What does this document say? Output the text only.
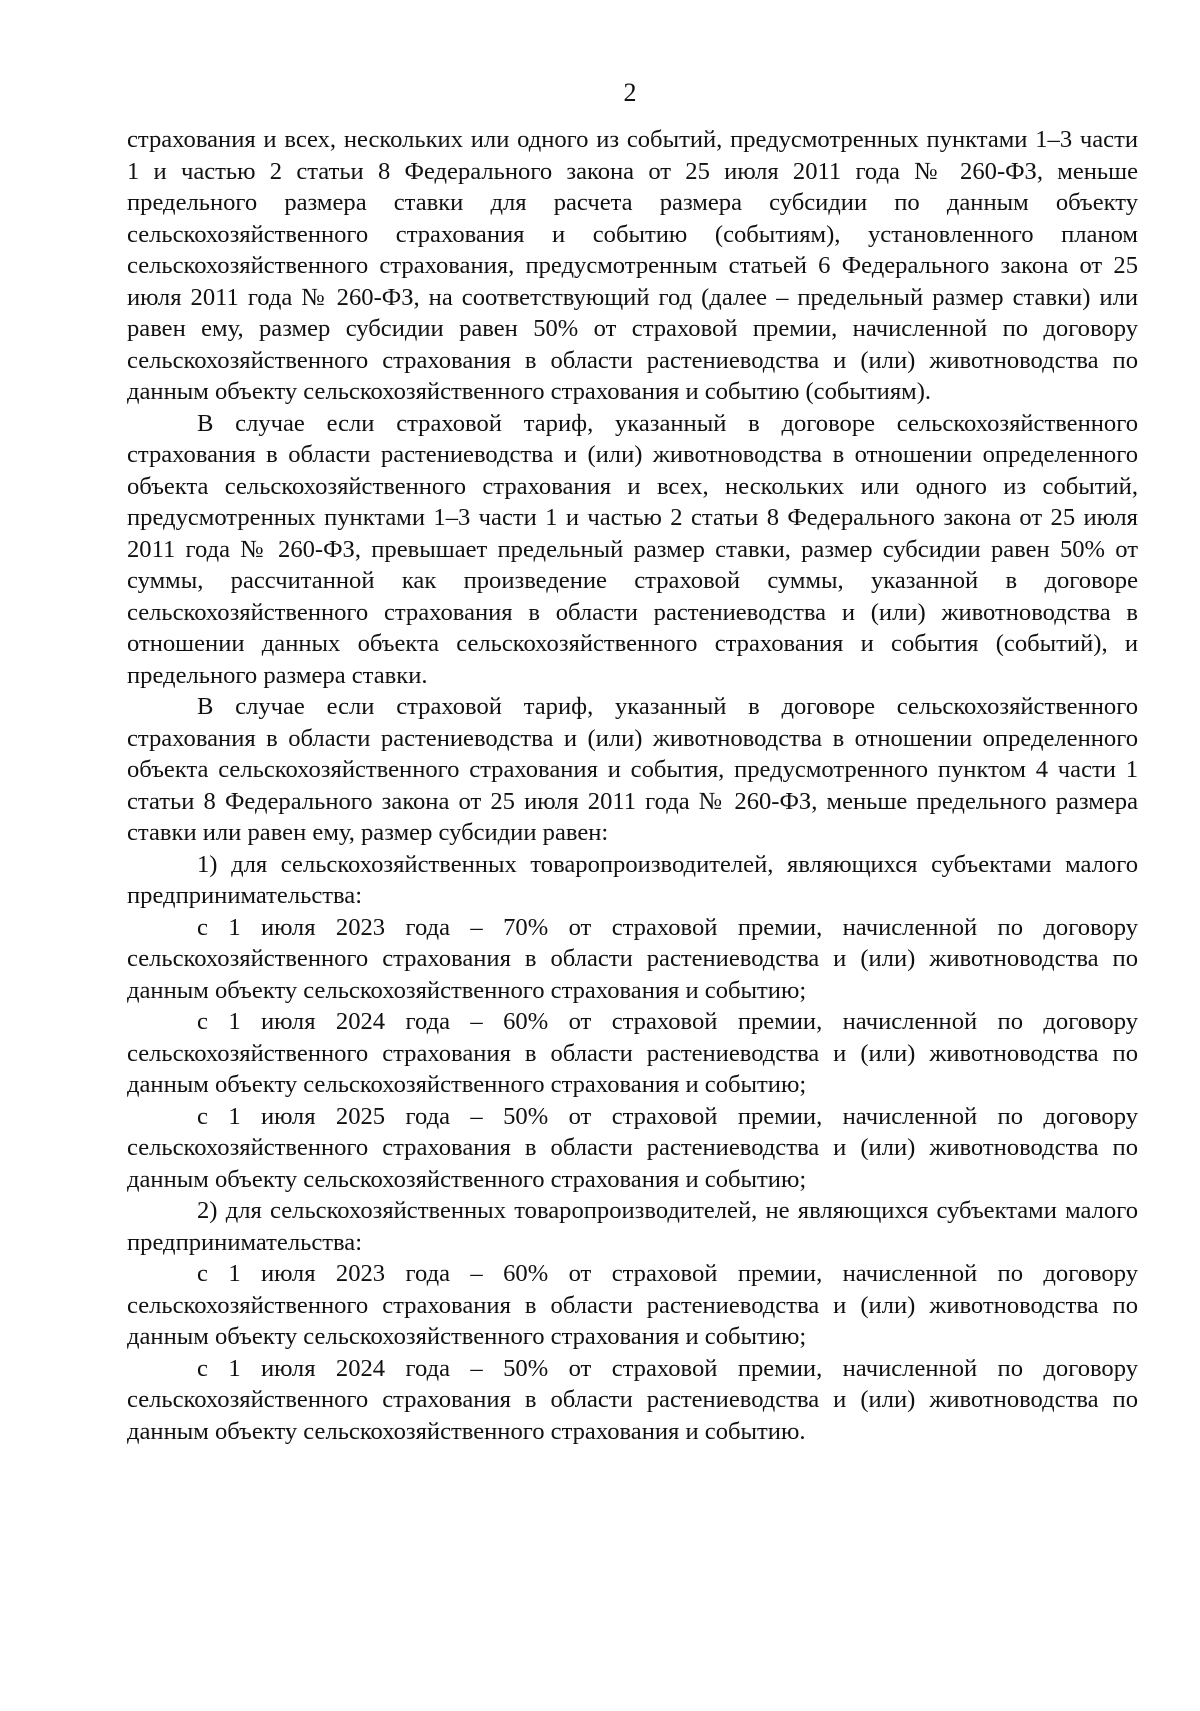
2

страхования и всех, нескольких или одного из событий, предусмотренных пунктами 1–3 части 1 и частью 2 статьи 8 Федерального закона от 25 июля 2011 года № 260-ФЗ, меньше предельного размера ставки для расчета размера субсидии по данным объекту сельскохозяйственного страхования и событию (событиям), установленного планом сельскохозяйственного страхования, предусмотренным статьей 6 Федерального закона от 25 июля 2011 года № 260-ФЗ, на соответствующий год (далее – предельный размер ставки) или равен ему, размер субсидии равен 50% от страховой премии, начисленной по договору сельскохозяйственного страхования в области растениеводства и (или) животноводства по данным объекту сельскохозяйственного страхования и событию (событиям).

В случае если страховой тариф, указанный в договоре сельскохозяйственного страхования в области растениеводства и (или) животноводства в отношении определенного объекта сельскохозяйственного страхования и всех, нескольких или одного из событий, предусмотренных пунктами 1–3 части 1 и частью 2 статьи 8 Федерального закона от 25 июля 2011 года № 260-ФЗ, превышает предельный размер ставки, размер субсидии равен 50% от суммы, рассчитанной как произведение страховой суммы, указанной в договоре сельскохозяйственного страхования в области растениеводства и (или) животноводства в отношении данных объекта сельскохозяйственного страхования и события (событий), и предельного размера ставки.

В случае если страховой тариф, указанный в договоре сельскохозяйственного страхования в области растениеводства и (или) животноводства в отношении определенного объекта сельскохозяйственного страхования и события, предусмотренного пунктом 4 части 1 статьи 8 Федерального закона от 25 июля 2011 года № 260-ФЗ, меньше предельного размера ставки или равен ему, размер субсидии равен:

1) для сельскохозяйственных товаропроизводителей, являющихся субъектами малого предпринимательства:

с 1 июля 2023 года – 70% от страховой премии, начисленной по договору сельскохозяйственного страхования в области растениеводства и (или) животноводства по данным объекту сельскохозяйственного страхования и событию;

с 1 июля 2024 года – 60% от страховой премии, начисленной по договору сельскохозяйственного страхования в области растениеводства и (или) животноводства по данным объекту сельскохозяйственного страхования и событию;

с 1 июля 2025 года – 50% от страховой премии, начисленной по договору сельскохозяйственного страхования в области растениеводства и (или) животноводства по данным объекту сельскохозяйственного страхования и событию;

2) для сельскохозяйственных товаропроизводителей, не являющихся субъектами малого предпринимательства:

с 1 июля 2023 года – 60% от страховой премии, начисленной по договору сельскохозяйственного страхования в области растениеводства и (или) животноводства по данным объекту сельскохозяйственного страхования и событию;

с 1 июля 2024 года – 50% от страховой премии, начисленной по договору сельскохозяйственного страхования в области растениеводства и (или) животноводства по данным объекту сельскохозяйственного страхования и событию.
